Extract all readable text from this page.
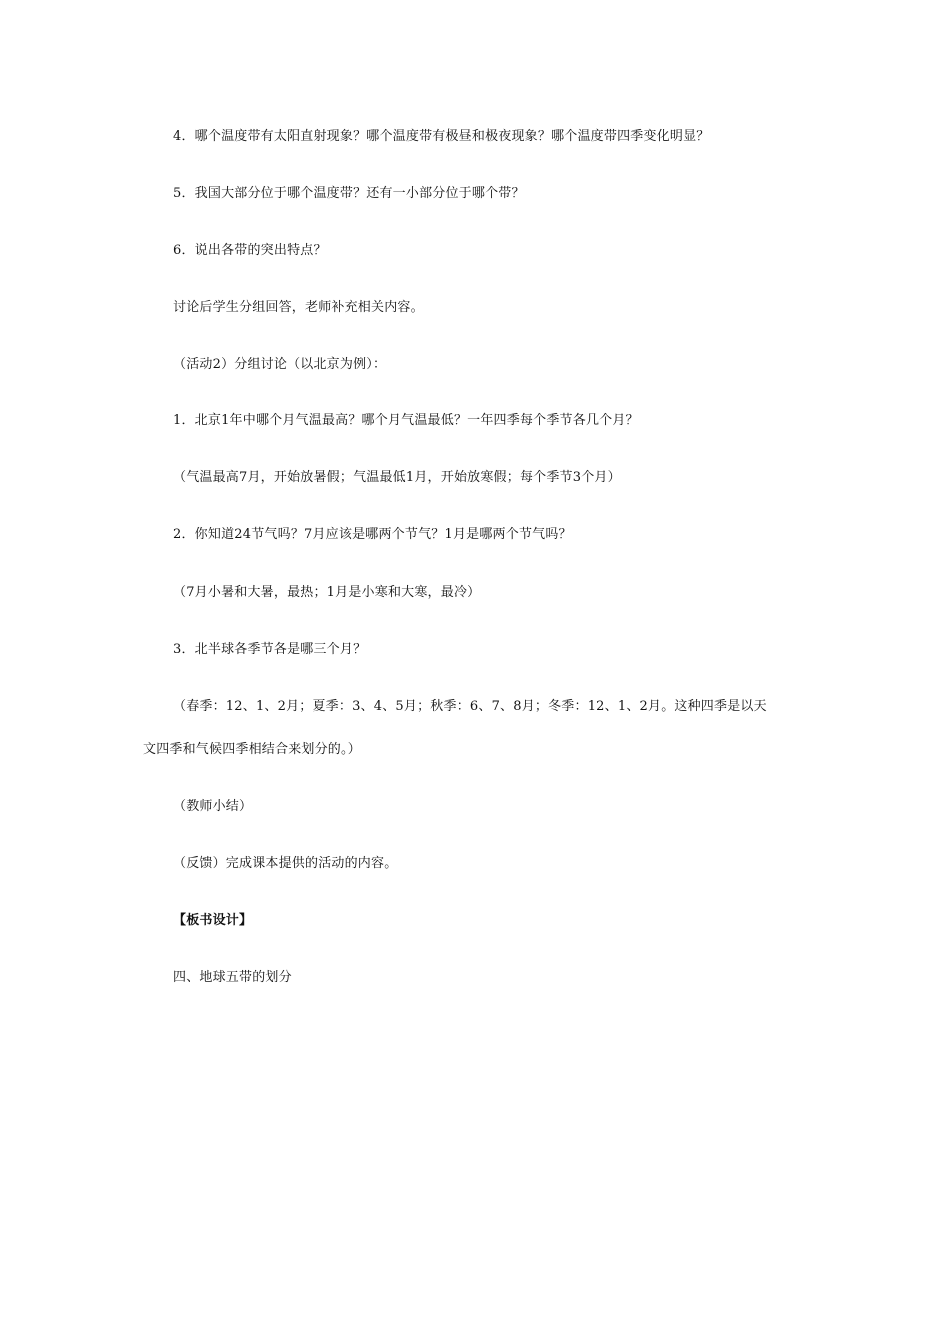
4．哪个温度带有太阳直射现象？哪个温度带有极昼和极夜现象？哪个温度带四季变化明显？
5．我国大部分位于哪个温度带？还有一小部分位于哪个带？
6．说出各带的突出特点？
讨论后学生分组回答，老师补充相关内容。
（活动2）分组讨论（以北京为例）：
1．北京1年中哪个月气温最高？哪个月气温最低？一年四季每个季节各几个月？
（气温最高7月，开始放暑假；气温最低1月，开始放寒假；每个季节3个月）
2．你知道24节气吗？7月应该是哪两个节气？1月是哪两个节气吗？
（7月小暑和大暑，最热；1月是小寒和大寒，最冷）
3．北半球各季节各是哪三个月？
（春季：12、1、2月；夏季：3、4、5月；秋季：6、7、8月；冬季：12、1、2月。这种四季是以天
文四季和气候四季相结合来划分的。）
（教师小结）
（反馈）完成课本提供的活动的内容。
【板书设计】
四、地球五带的划分
